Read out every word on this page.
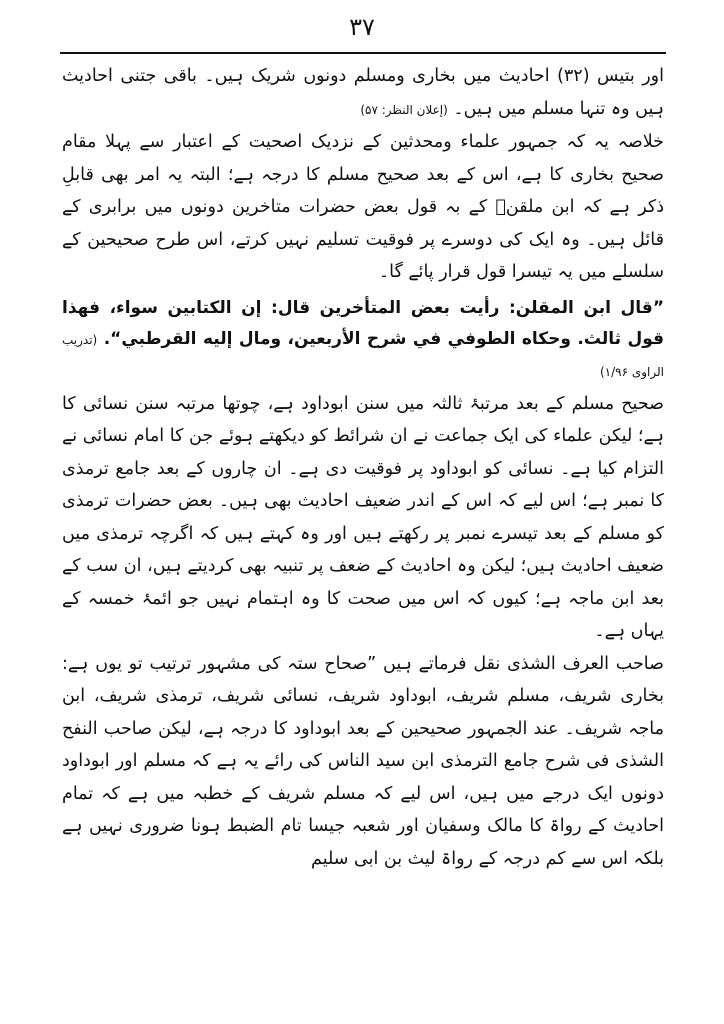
٣٧

اور بتیس (۳۲) احادیث میں بخاری ومسلم دونوں شریک ہیں۔ باقی جتنی احادیث ہیں وہ تنہا مسلم میں ہیں۔ (إعلان النظر: ۵۷)

خلاصہ یہ کہ جمہور علماء ومحدثین کے نزدیک اصحیت کے اعتبار سے پہلا مقام صحیح بخاری کا ہے، اس کے بعد صحیح مسلم کا درجہ ہے؛ البتہ یہ امر بھی قابلِ ذکر ہے کہ ابن ملقنؒ کے بہ قول بعض حضرات متاخرین دونوں میں برابری کے قائل ہیں۔ وہ ایک کی دوسرے پر فوقیت تسلیم نہیں کرتے، اس طرح صحیحین کے سلسلے میں یہ تیسرا قول قرار پائے گا۔

”قال ابن المقلن: رأيت بعض المتأخرين قال: إن الكتابين سواء، فهذا قول ثالث. وحكاه الطوفي في شرح الأربعين، ومال إليه القرطبي“. (تدریب الراوی ۱/۹۶)

صحیح مسلم کے بعد مرتبۂ ثالثہ میں سنن ابوداود ہے، چوتھا مرتبہ سنن نسائی کا ہے؛ لیکن علماء کی ایک جماعت نے ان شرائط کو دیکھتے ہوئے جن کا امام نسائی نے التزام کیا ہے۔ نسائی کو ابوداود پر فوقیت دی ہے۔ ان چاروں کے بعد جامع ترمذی کا نمبر ہے؛ اس لیے کہ اس کے اندر ضعیف احادیث بھی ہیں۔ بعض حضرات ترمذی کو مسلم کے بعد تیسرے نمبر پر رکھتے ہیں اور وہ کہتے ہیں کہ اگرچہ ترمذی میں ضعیف احادیث ہیں؛ لیکن وہ احادیث کے ضعف پر تنبیہ بھی کردیتے ہیں، ان سب کے بعد ابن ماجہ ہے؛ کیوں کہ اس میں صحت کا وہ اہتمام نہیں جو ائمۂ خمسہ کے یہاں ہے۔

صاحب العرف الشذی نقل فرماتے ہیں ”صحاح ستہ کی مشہور ترتیب تو یوں ہے: بخاری شریف، مسلم شریف، ابوداود شریف، نسائی شریف، ترمذی شریف، ابن ماجہ شریف۔ عند الجمہور صحیحین کے بعد ابوداود کا درجہ ہے، لیکن صاحب النفح الشذی فی شرح جامع الترمذی ابن سید الناس کی رائے یہ ہے کہ مسلم اور ابوداود دونوں ایک درجے میں ہیں، اس لیے کہ مسلم شریف کے خطبہ میں ہے کہ تمام احادیث کے رواۃ کا مالک وسفیان اور شعبہ جیسا تام الضبط ہونا ضروری نہیں ہے بلکہ اس سے کم درجہ کے رواۃ لیث بن ابی سلیم
